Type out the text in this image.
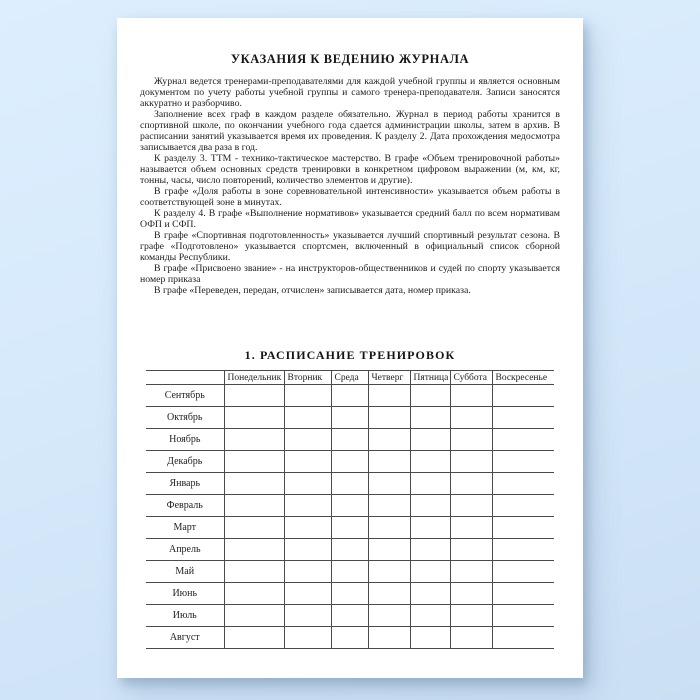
УКАЗАНИЯ К ВЕДЕНИЮ ЖУРНАЛА

Журнал ведется тренерами-преподавателями для каждой учебной группы и является основным документом по учету работы учебной группы и самого тренера-преподавателя. Записи заносятся аккуратно и разборчиво.

Заполнение всех граф в каждом разделе обязательно. Журнал в период работы хранится в спортивной школе, по окончании учебного года сдается администрации школы, затем в архив. В расписании занятий указывается время их проведения. К разделу 2. Дата прохождения медосмотра записывается два раза в год.

К разделу 3. ТТМ - технико-тактическое мастерство. В графе «Объем тренировочной работы» называется объем основных средств тренировки в конкретном цифровом выражении (м, км, кг, тонны, часы, число повторений, количество элементов и другие).

В графе «Доля работы в зоне соревновательной интенсивности» указывается объем работы в соответствующей зоне в минутах.

К разделу 4. В графе «Выполнение нормативов» указывается средний балл по всем нормативам ОФП и СФП.

В графе «Спортивная подготовленность» указывается лучший спортивный результат сезона. В графе «Подготовлено» указывается спортсмен, включенный в официальный список сборной команды Республики.

В графе «Присвоено звание» - на инструкторов-общественников и судей по спорту указывается номер приказа

В графе «Переведен, передан, отчислен» записывается дата, номер приказа.

1. РАСПИСАНИЕ ТРЕНИРОВОК
	Понедельник	Вторник	Среда	Четверг	Пятница	Суббота	Воскресенье
Сентябрь							
Октябрь							
Ноябрь							
Декабрь							
Январь							
Февраль							
Март							
Апрель							
Май							
Июнь							
Июль							
Август							
